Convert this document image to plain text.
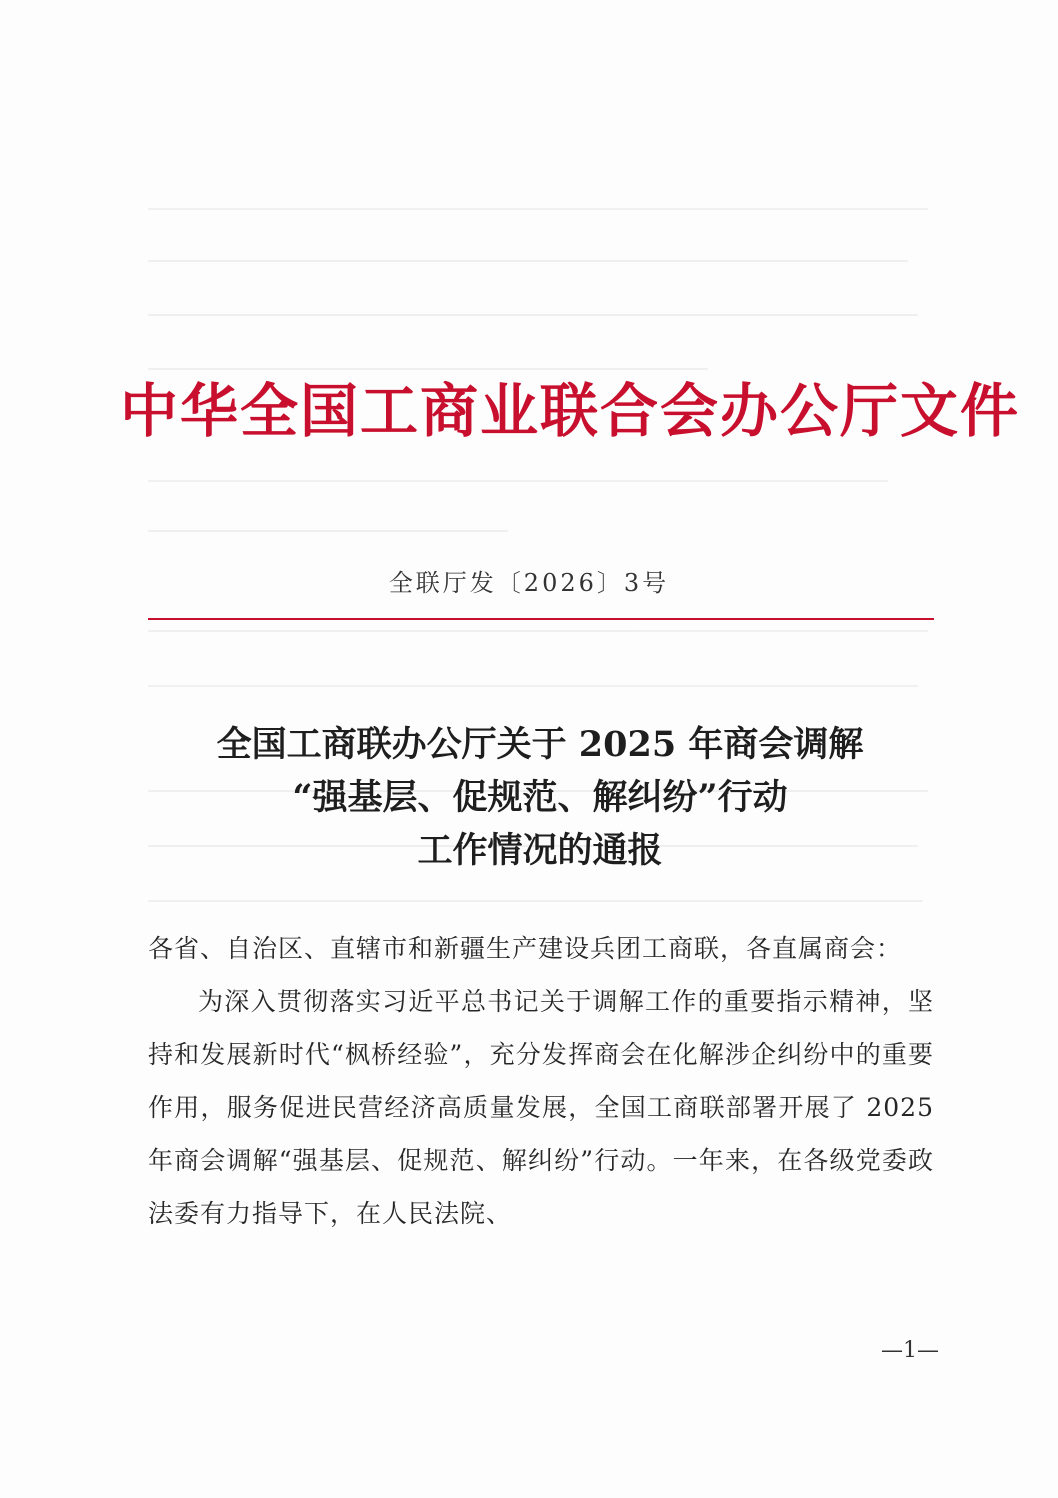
中华全国工商业联合会办公厅文件
全联厅发〔2026〕3号
全国工商联办公厅关于 2025 年商会调解
“强基层、促规范、解纠纷”行动
工作情况的通报

各省、自治区、直辖市和新疆生产建设兵团工商联，各直属商会：

为深入贯彻落实习近平总书记关于调解工作的重要指示精神，坚持和发展新时代“枫桥经验”，充分发挥商会在化解涉企纠纷中的重要作用，服务促进民营经济高质量发展，全国工商联部署开展了 2025 年商会调解“强基层、促规范、解纠纷”行动。一年来，在各级党委政法委有力指导下，在人民法院、

—1—
